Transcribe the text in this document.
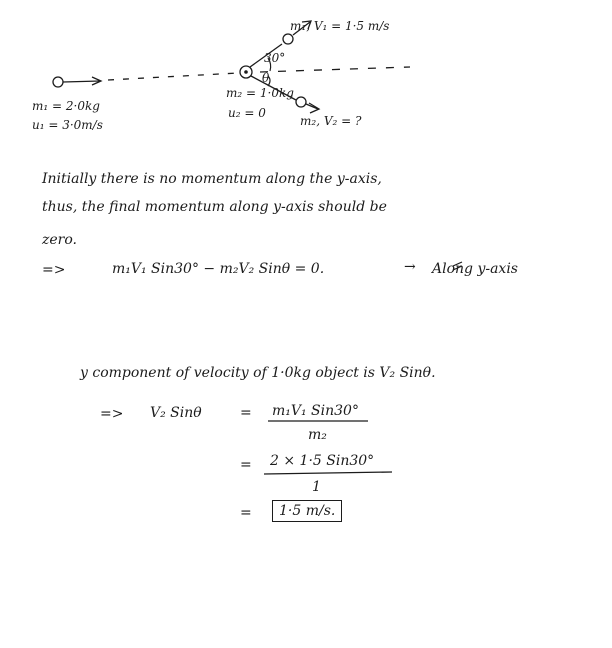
m₁, V₁ = 1·5 m/s
30°
θ
m₂ = 1·0kg
u₂ = 0
m₂, V₂ = ?
m₁ = 2·0kg
u₁ = 3·0m/s
Initially there is no momentum along the y-axis,
thus, the final momentum along y-axis should be
zero.
=>	m₁V₁ Sin30° − m₂V₂ Sinθ = 0.	→ Along y-axis
y component of velocity of 1·0kg object is V₂ Sinθ.
=> V₂ Sinθ	= m₁V₁ Sin30°
m₂
= 2 × 1·5 Sin30°
1
=	1·5 m/s.
